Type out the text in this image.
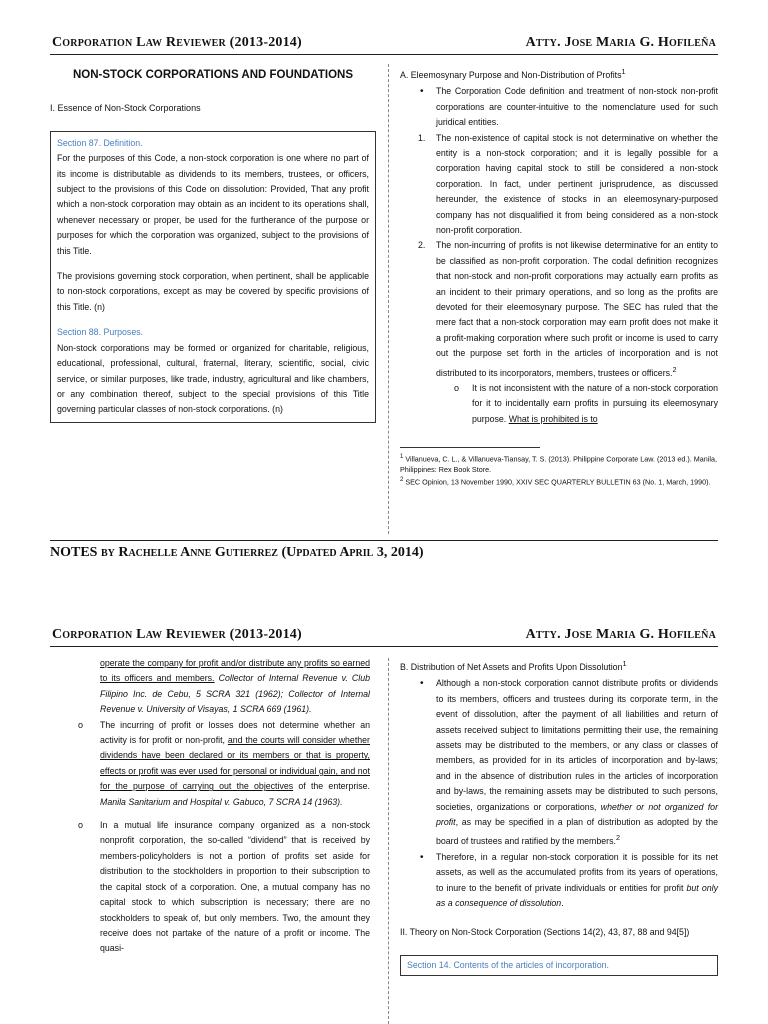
Corporation Law Reviewer (2013-2014)	Atty. Jose Maria G. Hofileña
NON-STOCK CORPORATIONS AND FOUNDATIONS
I. Essence of Non-Stock Corporations

Section 87. Definition.
For the purposes of this Code, a non-stock corporation is one where no part of its income is distributable as dividends to its members, trustees, or officers, subject to the provisions of this Code on dissolution: Provided, That any profit which a non-stock corporation may obtain as an incident to its operations shall, whenever necessary or proper, be used for the furtherance of the purpose or purposes for which the corporation was organized, subject to the provisions of this Title.

The provisions governing stock corporation, when pertinent, shall be applicable to non-stock corporations, except as may be covered by specific provisions of this Title. (n)

Section 88. Purposes.
Non-stock corporations may be formed or organized for charitable, religious, educational, professional, cultural, fraternal, literary, scientific, social, civic service, or similar purposes, like trade, industry, agricultural and like chambers, or any combination thereof, subject to the special provisions of this Title governing particular classes of non-stock corporations. (n)

A. Eleemosynary Purpose and Non-Distribution of Profits$^1$
• The Corporation Code definition and treatment of non-stock non-profit corporations are counter-intuitive to the nomenclature used for such juridical entities.
1. The non-existence of capital stock is not determinative on whether the entity is a non-stock corporation; and it is legally possible for a corporation having capital stock to still be considered a non-stock corporation. In fact, under pertinent jurisprudence, as discussed hereunder, the existence of stocks in an eleemosynary-purposed company has not disqualified it from being considered as a non-stock non-profit corporation.
2. The non-incurring of profits is not likewise determinative for an entity to be classified as non-profit corporation. The codal definition recognizes that non-stock and non-profit corporations may actually earn profits as an incident to their primary operations, and so long as the profits are devoted for their eleemosynary purpose. The SEC has ruled that the mere fact that a non-stock corporation may earn profit does not make it a profit-making corporation where such profit or income is used to carry out the purpose set forth in the articles of incorporation and is not distributed to its incorporators, members, trustees or officers.$^2$
o It is not inconsistent with the nature of a non-stock corporation for it to incidentally earn profits in pursuing its eleemosynary purpose. What is prohibited is to
$^1$ Villanueva, C. L., & Villanueva-Tiansay, T. S. (2013). Philippine Corporate Law. (2013 ed.). Manila, Philippines: Rex Book Store.
$^2$ SEC Opinion, 13 November 1990, XXIV SEC QUARTERLY BULLETIN 63 (No. 1, March, 1990).
NOTES by Rachelle Anne Gutierrez (Updated April 3, 2014)
Corporation Law Reviewer (2013-2014)	Atty. Jose Maria G. Hofileña
operate the company for profit and/or distribute any profits so earned to its officers and members. Collector of Internal Revenue v. Club Filipino Inc. de Cebu, 5 SCRA 321 (1962); Collector of Internal Revenue v. University of Visayas, 1 SCRA 669 (1961).
o The incurring of profit or losses does not determine whether an activity is for profit or non-profit, and the courts will consider whether dividends have been declared or its members or that is property, effects or profit was ever used for personal or individual gain, and not for the purpose of carrying out the objectives of the enterprise. Manila Sanitarium and Hospital v. Gabuco, 7 SCRA 14 (1963).
o In a mutual life insurance company organized as a non-stock nonprofit corporation, the so-called “dividend” that is received by members-policyholders is not a portion of profits set aside for distribution to the stockholders in proportion to their subscription to the capital stock of a corporation. One, a mutual company has no capital stock to which subscription is necessary; there are no stockholders to speak of, but only members. Two, the amount they receive does not partake of the nature of a profit or income. The quasi-
B. Distribution of Net Assets and Profits Upon Dissolution$^1$
• Although a non-stock corporation cannot distribute profits or dividends to its members, officers and trustees during its corporate term, in the event of dissolution, after the payment of all liabilities and return of assets received subject to limitations permitting their use, the remaining assets may be distributed to the members, or any class or classes of members, as provided for in its articles of incorporation and by-laws; and in the absence of distribution rules in the articles of incorporation and by-laws, the remaining assets may be distributed to such persons, societies, organizations or corporations, whether or not organized for profit, as may be specified in a plan of distribution as adopted by the board of trustees and ratified by the members.$^2$
• Therefore, in a regular non-stock corporation it is possible for its net assets, as well as the accumulated profits from its years of operations, to inure to the benefit of private individuals or entities for profit but only as a consequence of dissolution.
II. Theory on Non-Stock Corporation (Sections 14(2), 43, 87, 88 and 94[5])
Section 14. Contents of the articles of incorporation.
